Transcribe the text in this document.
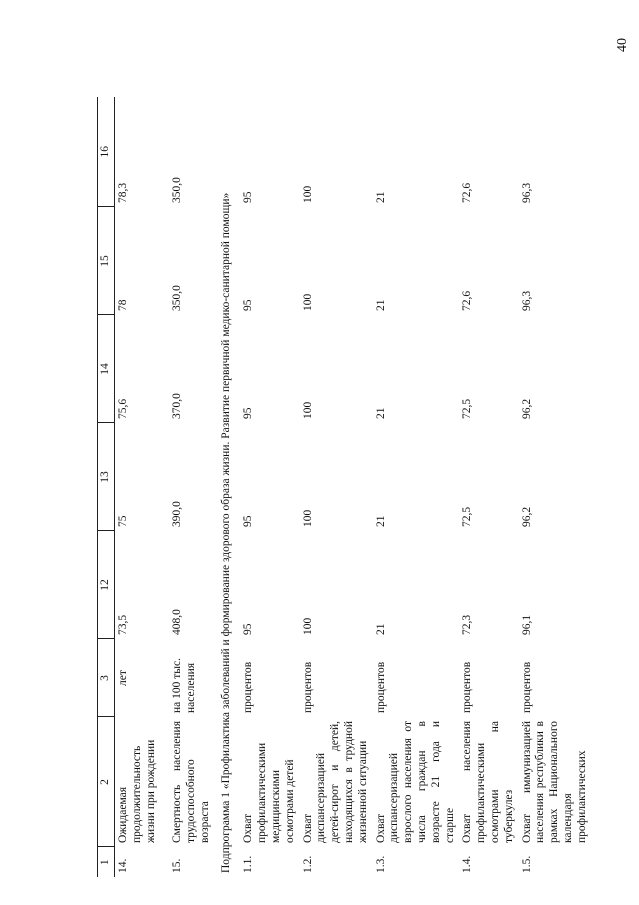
40
1	2	3	12	13	14	15	16
14.	Ожидаемая продолжительность жизни при рождении	лет	73,5	75	75,6	78	78,3
15.	Смертность населения трудоспособного возраста	на 100 тыс. населения	408,0	390,0	370,0	350,0	350,0
Подпрограмма 1 «Профилактика заболеваний и формирование здорового образа жизни. Развитие первичной медико-санитарной помощи»							
1.1.	Охват профилактическими медицинскими осмотрами детей	процентов	95	95	95	95	95
1.2.	Охват диспансеризацией детей-сирот и детей, находящихся в трудной жизненной ситуации	процентов	100	100	100	100	100
1.3.	Охват диспансеризацией взрослого населения от числа граждан в возрасте 21 года и старше	процентов	21	21	21	21	21
1.4.	Охват населения профилактическими осмотрами на туберкулез	процентов	72,3	72,5	72,5	72,6	72,6
1.5.	Охват иммунизацией населения республики в рамках Национального календаря профилактических	процентов	96,1	96,2	96,2	96,3	96,3
